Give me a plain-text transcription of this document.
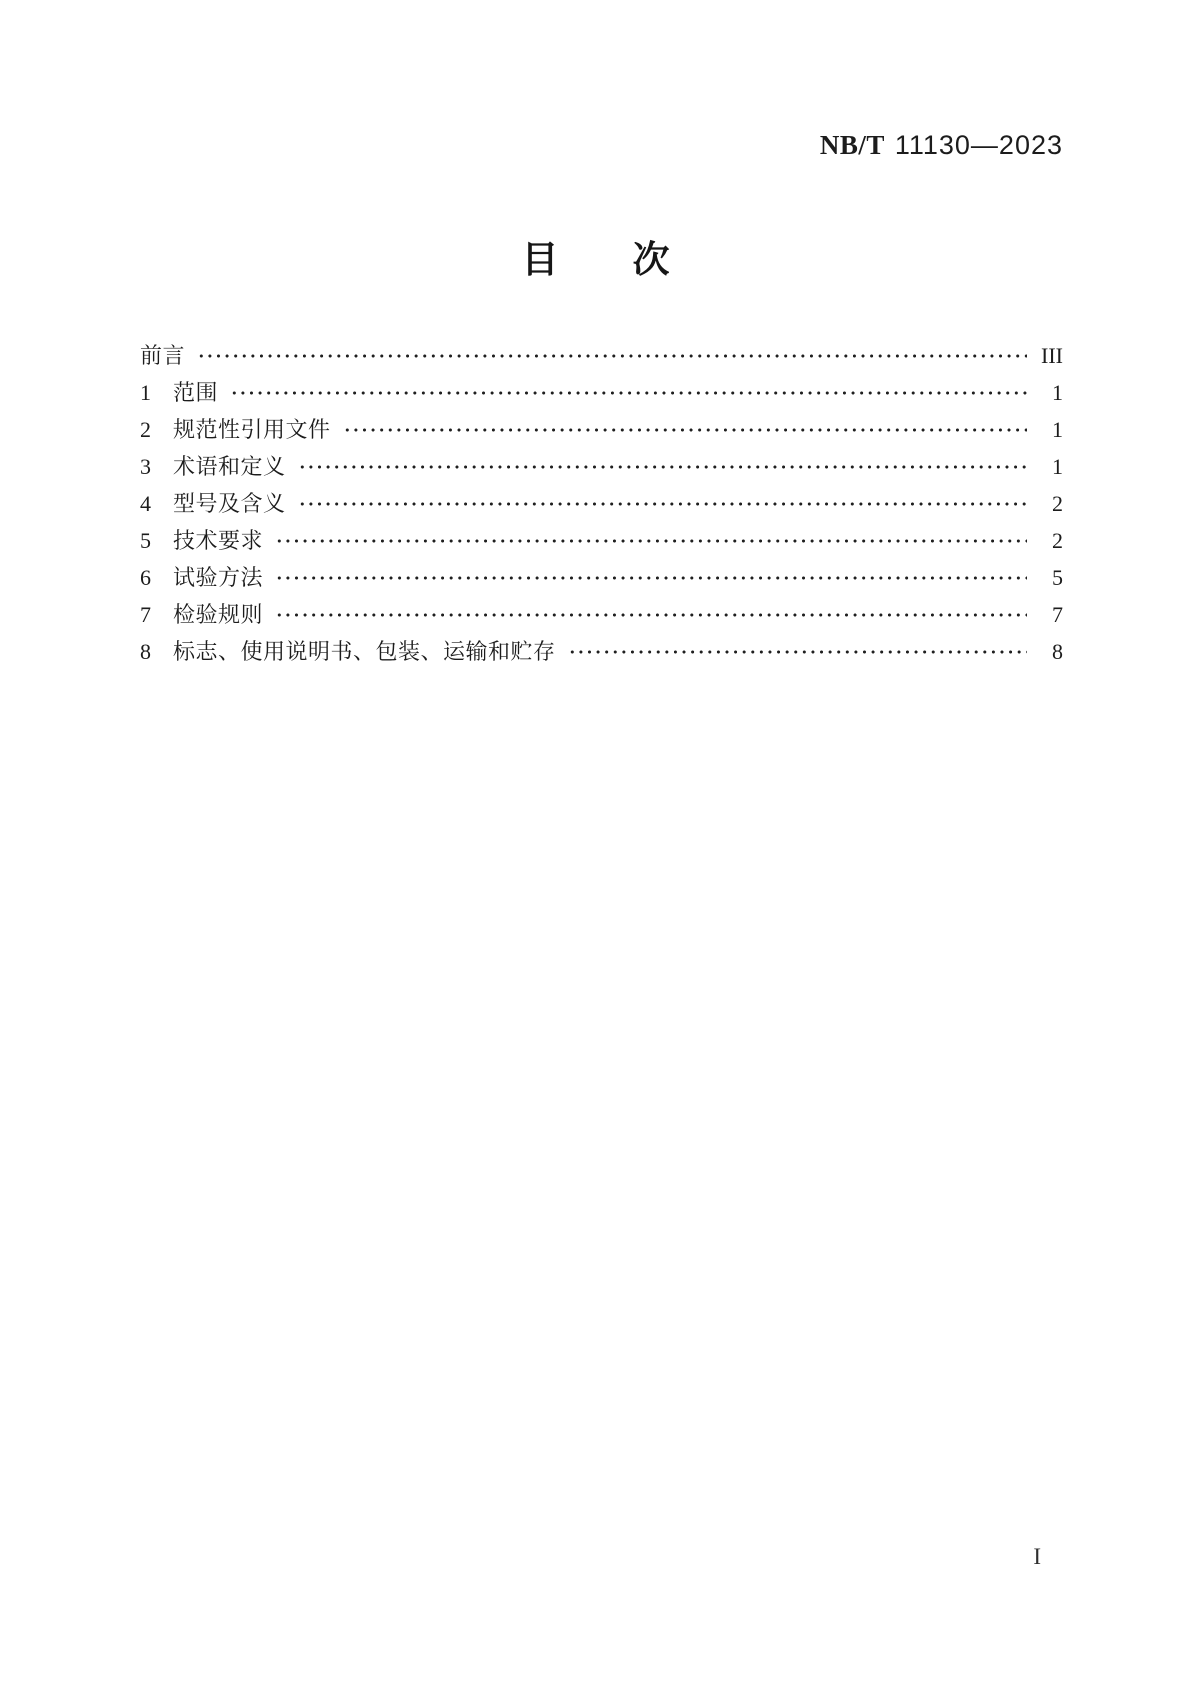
NB/T 11130—2023
目　　次
前言	III
1	范围	1
2	规范性引用文件	1
3	术语和定义	1
4	型号及含义	2
5	技术要求	2
6	试验方法	5
7	检验规则	7
8	标志、使用说明书、包装、运输和贮存	8
I
